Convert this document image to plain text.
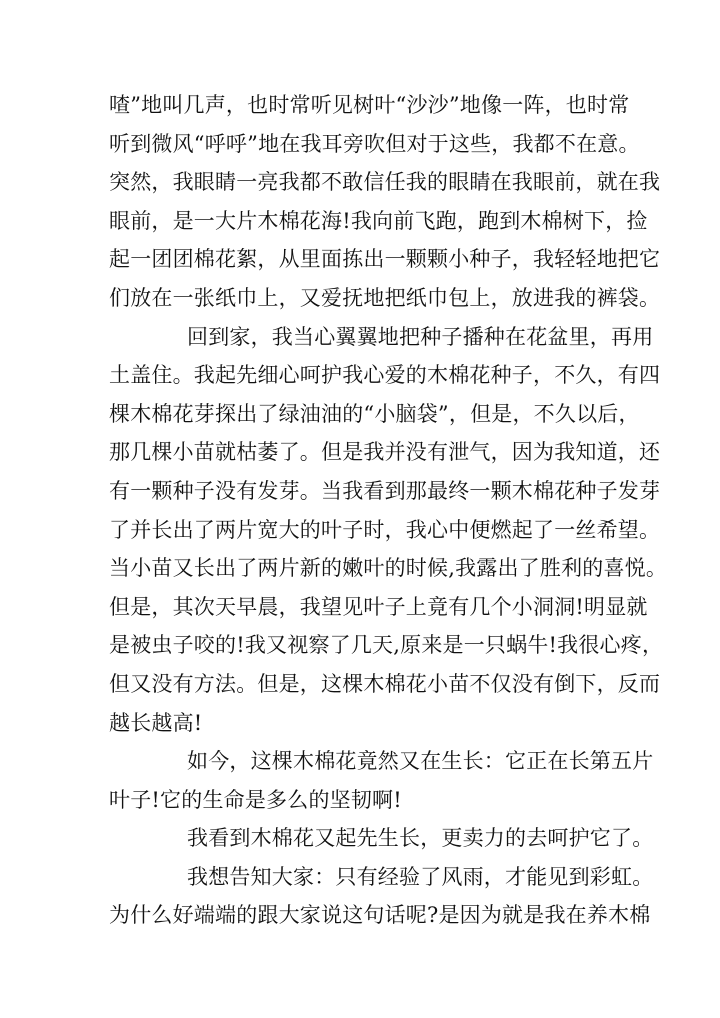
喳”地叫几声，也时常听见树叶“沙沙”地像一阵，也时常
听到微风“呼呼”地在我耳旁吹但对于这些，我都不在意。
突然，我眼睛一亮我都不敢信任我的眼睛在我眼前，就在我
眼前，是一大片木棉花海!我向前飞跑，跑到木棉树下，捡
起一团团棉花絮，从里面拣出一颗颗小种子，我轻轻地把它
们放在一张纸巾上，又爱抚地把纸巾包上，放进我的裤袋。
回到家，我当心翼翼地把种子播种在花盆里，再用
土盖住。我起先细心呵护我心爱的木棉花种子，不久，有四
棵木棉花芽探出了绿油油的“小脑袋”，但是，不久以后，
那几棵小苗就枯萎了。但是我并没有泄气，因为我知道，还
有一颗种子没有发芽。当我看到那最终一颗木棉花种子发芽
了并长出了两片宽大的叶子时，我心中便燃起了一丝希望。
当小苗又长出了两片新的嫩叶的时候,我露出了胜利的喜悦。
但是，其次天早晨，我望见叶子上竟有几个小洞洞!明显就
是被虫子咬的!我又视察了几天,原来是一只蜗牛!我很心疼，
但又没有方法。但是，这棵木棉花小苗不仅没有倒下，反而
越长越高!
如今，这棵木棉花竟然又在生长：它正在长第五片
叶子!它的生命是多么的坚韧啊!
我看到木棉花又起先生长，更卖力的去呵护它了。
我想告知大家：只有经验了风雨，才能见到彩虹。
为什么好端端的跟大家说这句话呢?是因为就是我在养木棉
